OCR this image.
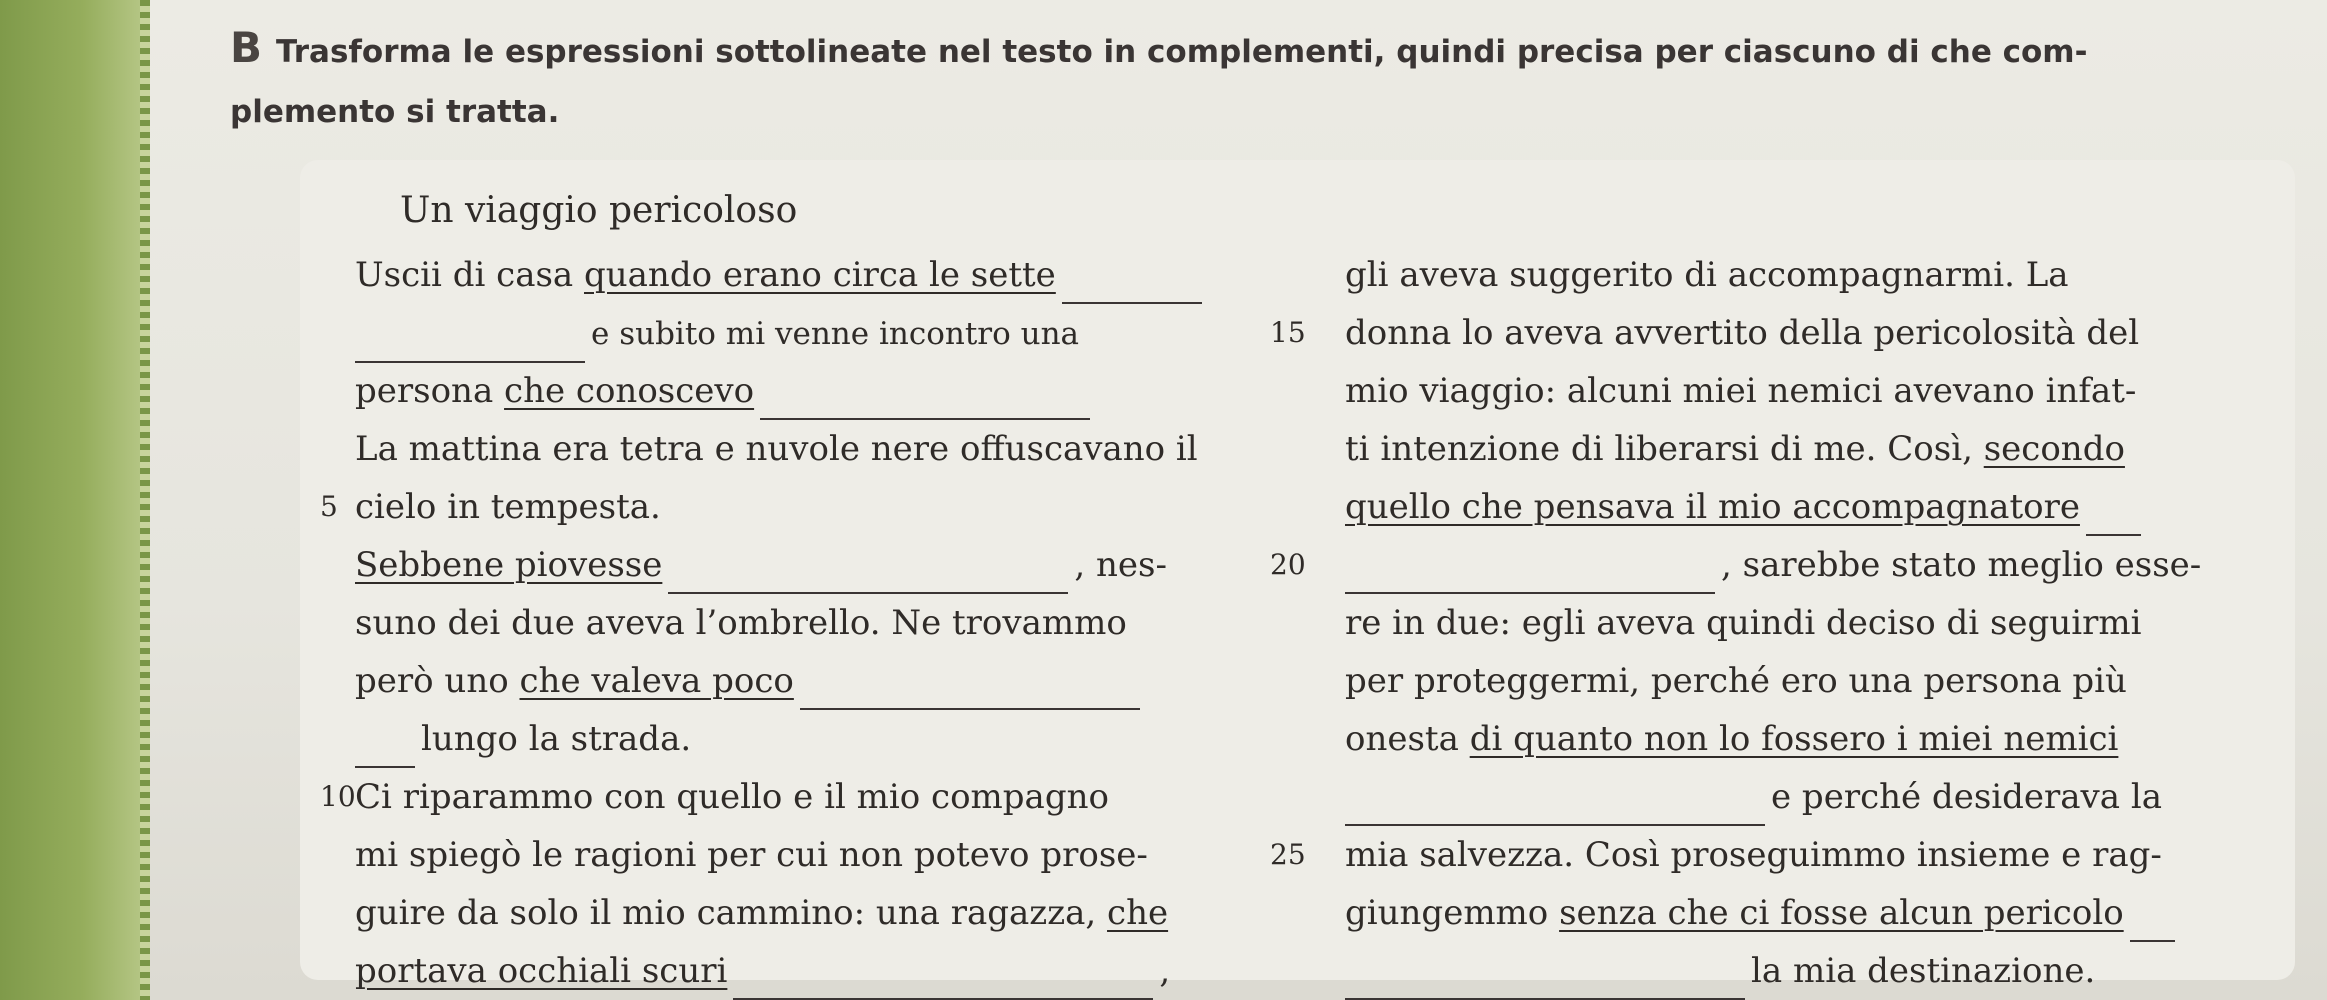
B Trasforma le espressioni sottolineate nel testo in complementi, quindi precisa per ciascuno di che com-
plemento si tratta.
Un viaggio pericoloso
Uscii di casa quando erano circa le sette
e subito mi venne incontro una
persona che conoscevo
La mattina era tetra e nuvole nere offuscavano il
5 cielo in tempesta.
Sebbene piovesse	, nes-
suno dei due aveva l’ombrello. Ne trovammo
però uno che valeva poco
lungo la strada.
10 Ci riparammo con quello e il mio compagno
mi spiegò le ragioni per cui non potevo prose-
guire da solo il mio cammino: una ragazza, che
portava occhiali scuri	,
gli aveva suggerito di accompagnarmi. La
15	donna lo aveva avvertito della pericolosità del
mio viaggio: alcuni miei nemici avevano infat-
ti intenzione di liberarsi di me. Così, secondo
quello che pensava il mio accompagnatore
20	, sarebbe stato meglio esse-
re in due: egli aveva quindi deciso di seguirmi
per proteggermi, perché ero una persona più
onesta di quanto non lo fossero i miei nemici
e perché desiderava la
25	mia salvezza. Così proseguimmo insieme e rag-
giungemmo senza che ci fosse alcun pericolo
la mia destinazione.
